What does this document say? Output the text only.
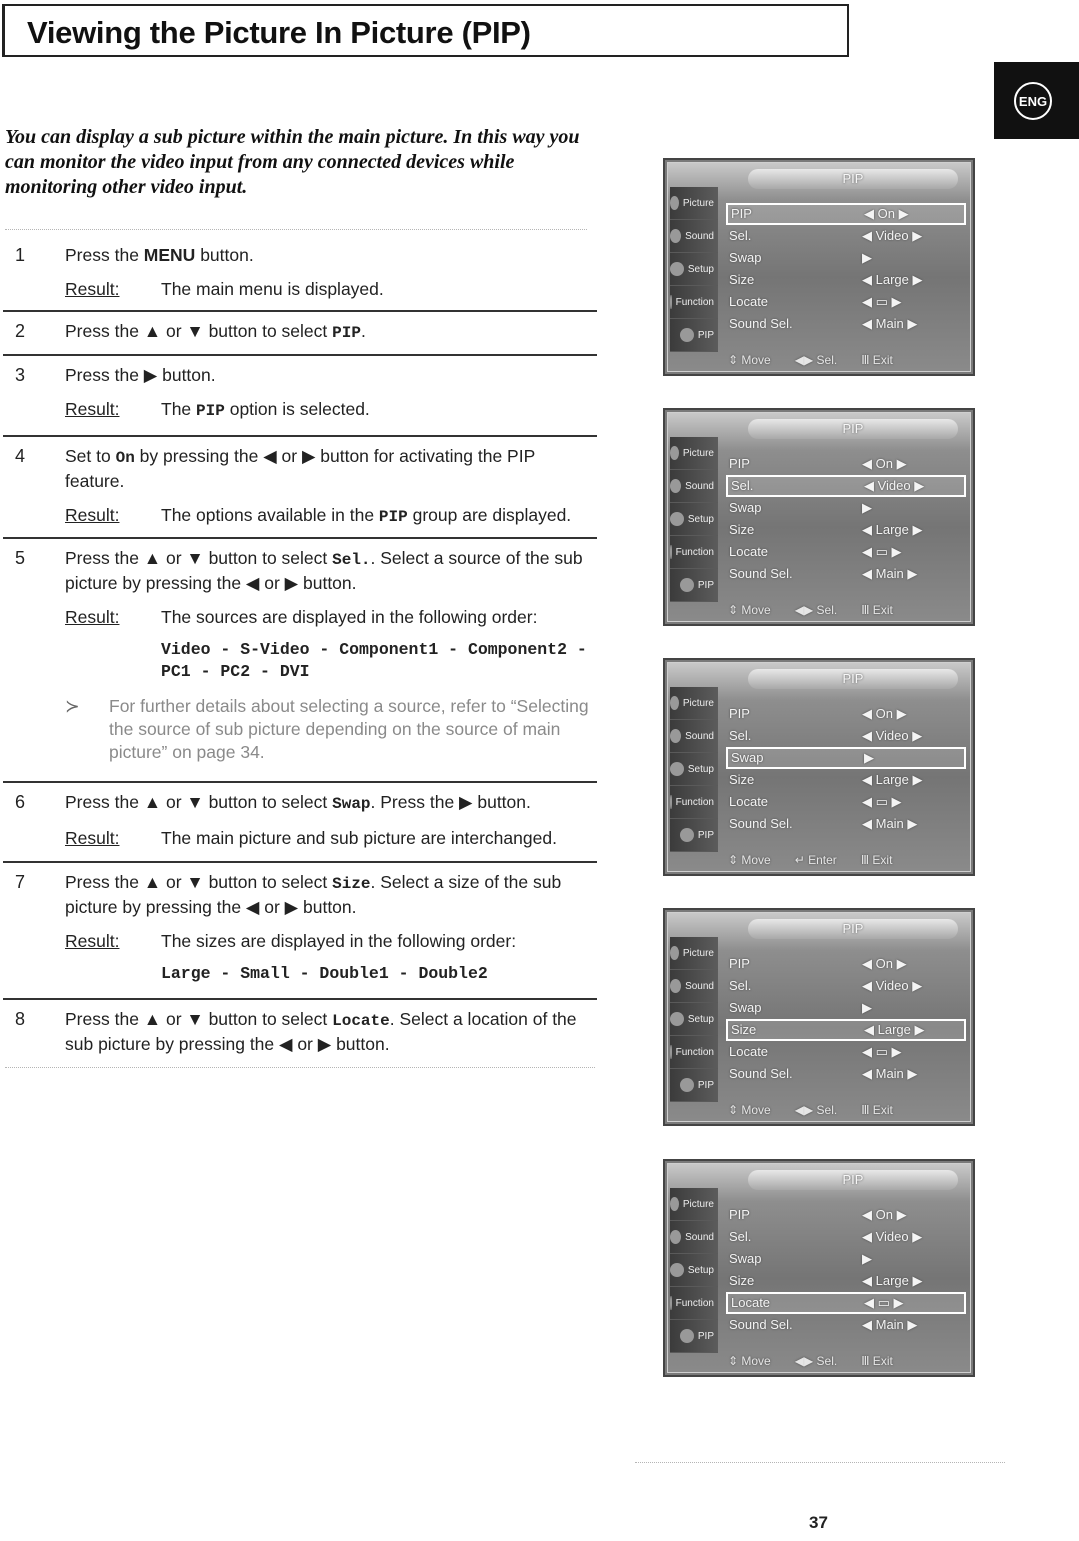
Viewing the Picture In Picture (PIP)
ENG
You can display a sub picture within the main picture. In this way you can monitor the video input from any connected devices while monitoring other video input.
1 Press the MENU button.
Result:	The main menu is displayed.
2 Press the ▲ or ▼ button to select PIP.
3 Press the ▶ button.
Result:	The PIP option is selected.
4 Set to On by pressing the ◀ or ▶ button for activating the PIP feature.
Result:	The options available in the PIP group are displayed.
5 Press the ▲ or ▼ button to select Sel.. Select a source of the sub picture by pressing the ◀ or ▶ button.
Result:	The sources are displayed in the following order:
Video - S-Video - Component1 - Component2 - PC1 - PC2 - DVI
≻	For further details about selecting a source, refer to “Selecting the source of sub picture depending on the source of main picture” on page 34.
6 Press the ▲ or ▼ button to select Swap. Press the ▶ button.
Result:	The main picture and sub picture are interchanged.
7 Press the ▲ or ▼ button to select Size. Select a size of the sub picture by pressing the ◀ or ▶ button.
Result:	The sizes are displayed in the following order:
Large - Small - Double1 - Double2
8 Press the ▲ or ▼ button to select Locate. Select a location of the sub picture by pressing the ◀ or ▶ button.
PIP
Picture
Sound
Setup
Function
PIP
PIP	◀ On ▶
Sel.	◀ Video ▶
Swap	▶
Size	◀ Large ▶
Locate	◀ ▭ ▶
Sound Sel.	◀ Main ▶
⇕ Move ◀▶ Sel. Ⅲ Exit
PIP
Picture
Sound
Setup
Function
PIP
PIP	◀ On ▶
Sel.	◀ Video ▶
Swap	▶
Size	◀ Large ▶
Locate	◀ ▭ ▶
Sound Sel.	◀ Main ▶
⇕ Move ◀▶ Sel. Ⅲ Exit
PIP
Picture
Sound
Setup
Function
PIP
PIP	◀ On ▶
Sel.	◀ Video ▶
Swap	▶
Size	◀ Large ▶
Locate	◀ ▭ ▶
Sound Sel.	◀ Main ▶
⇕ Move ↵ Enter Ⅲ Exit
PIP
Picture
Sound
Setup
Function
PIP
PIP	◀ On ▶
Sel.	◀ Video ▶
Swap	▶
Size	◀ Large ▶
Locate	◀ ▭ ▶
Sound Sel.	◀ Main ▶
⇕ Move ◀▶ Sel. Ⅲ Exit
PIP
Picture
Sound
Setup
Function
PIP
PIP	◀ On ▶
Sel.	◀ Video ▶
Swap	▶
Size	◀ Large ▶
Locate	◀ ▭ ▶
Sound Sel.	◀ Main ▶
⇕ Move ◀▶ Sel. Ⅲ Exit
37
